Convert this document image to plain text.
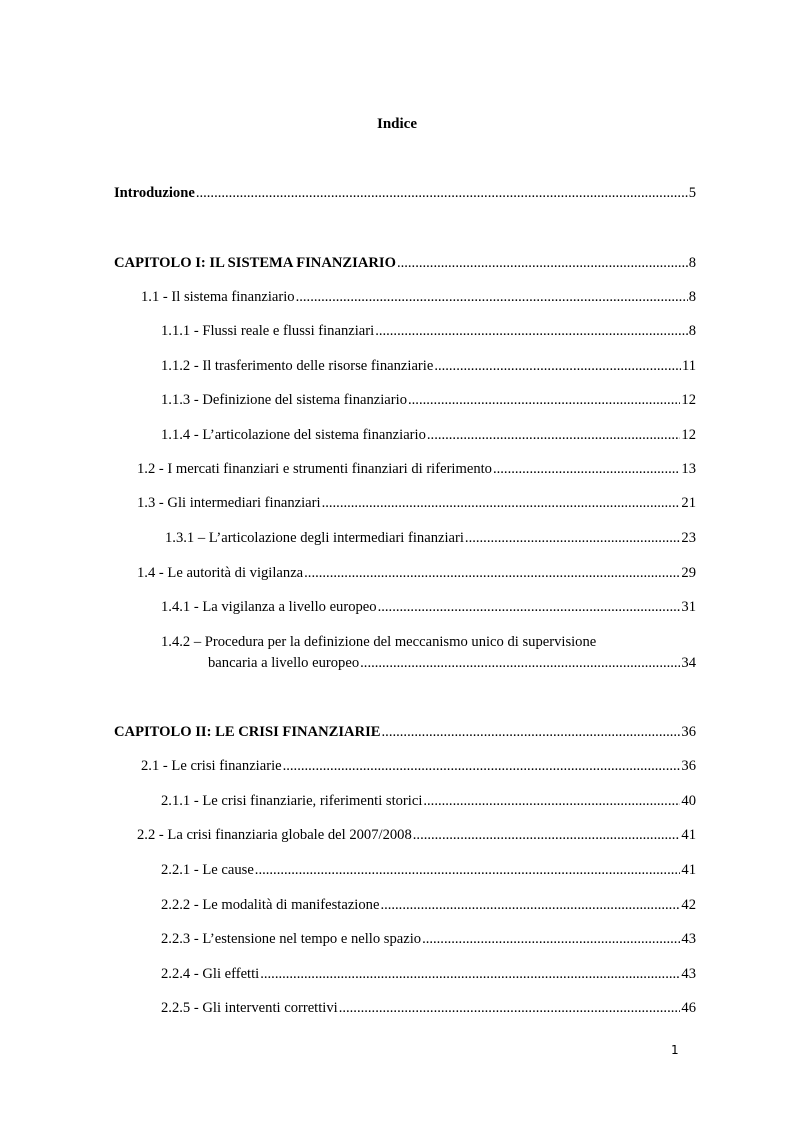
Indice
Introduzione .....	5
CAPITOLO I: IL SISTEMA FINANZIARIO .....	8
1.1 - Il sistema finanziario .....	8
1.1.1 - Flussi reale e flussi finanziari .....	8
1.1.2 - Il trasferimento delle risorse finanziarie .....	11
1.1.3 - Definizione del sistema finanziario .....	12
1.1.4 - L’articolazione del sistema finanziario .....	12
1.2 - I mercati finanziari e strumenti finanziari di riferimento .....	13
1.3 - Gli intermediari finanziari .....	21
1.3.1 – L’articolazione degli intermediari finanziari .....	23
1.4 - Le autorità di vigilanza .....	29
1.4.1 - La vigilanza a livello europeo .....	31
1.4.2 – Procedura per la definizione del meccanismo unico di supervisione
bancaria a livello europeo .....	34
CAPITOLO II: LE CRISI FINANZIARIE .....	36
2.1 - Le crisi finanziarie .....	36
2.1.1 - Le crisi finanziarie, riferimenti storici .....	40
2.2 - La crisi finanziaria globale del 2007/2008 .....	41
2.2.1 - Le cause .....	41
2.2.2 - Le modalità di manifestazione .....	42
2.2.3 - L’estensione nel tempo e nello spazio .....	43
2.2.4 - Gli effetti .....	43
2.2.5 - Gli interventi correttivi .....	46
1
